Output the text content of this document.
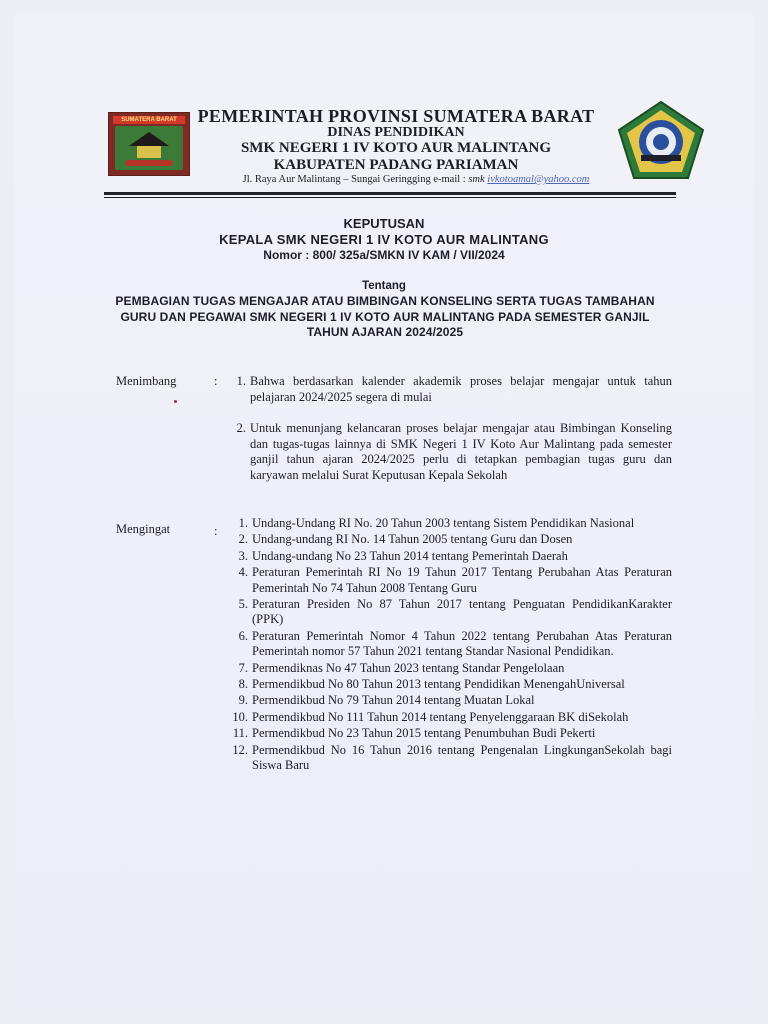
SUMATERA BARAT	PEMERINTAH PROVINSI SUMATERA BARAT
DINAS PENDIDIKAN
SMK NEGERI 1 IV KOTO AUR MALINTANG
KABUPATEN PADANG PARIAMAN
Jl. Raya Aur Malintang – Sungai Geringging e-mail : smk ivkotoamal@yahoo.com
KEPUTUSAN
KEPALA SMK NEGERI 1 IV KOTO AUR MALINTANG
Nomor : 800/ 325a/SMKN IV KAM / VII/2024
Tentang
PEMBAGIAN TUGAS MENGAJAR ATAU BIMBINGAN KONSELING SERTA TUGAS TAMBAHAN GURU DAN PEGAWAI SMK NEGERI 1 IV KOTO AUR MALINTANG PADA SEMESTER GANJIL TAHUN AJARAN 2024/2025
Menimbang	:	1. Bahwa berdasarkan kalender akademik proses belajar mengajar untuk tahun pelajaran 2024/2025 segera di mulai
2. Untuk menunjang kelancaran proses belajar mengajar atau Bimbingan Konseling dan tugas-tugas lainnya di SMK Negeri 1 IV Koto Aur Malintang pada semester ganjil tahun ajaran 2024/2025 perlu di tetapkan pembagian tugas guru dan karyawan melalui Surat Keputusan Kepala Sekolah
Mengingat	:
1. Undang-Undang RI No. 20 Tahun 2003 tentang Sistem Pendidikan Nasional
2. Undang-undang RI No. 14 Tahun 2005 tentang Guru dan Dosen
3. Undang-undang No 23 Tahun 2014 tentang Pemerintah Daerah
4. Peraturan Pemerintah RI No 19 Tahun 2017 Tentang Perubahan Atas Peraturan Pemerintah No 74 Tahun 2008 Tentang Guru
5. Peraturan Presiden No 87 Tahun 2017 tentang Penguatan PendidikanKarakter (PPK)
6. Peraturan Pemerintah Nomor 4 Tahun 2022 tentang Perubahan Atas Peraturan Pemerintah nomor 57 Tahun 2021 tentang Standar Nasional Pendidikan.
7. Permendiknas No 47 Tahun 2023 tentang Standar Pengelolaan
8. Permendikbud No 80 Tahun 2013 tentang Pendidikan MenengahUniversal
9. Permendikbud No 79 Tahun 2014 tentang Muatan Lokal
10. Permendikbud No 111 Tahun 2014 tentang Penyelenggaraan BK diSekolah
11. Permendikbud No 23 Tahun 2015 tentang Penumbuhan Budi Pekerti
12. Permendikbud No 16 Tahun 2016 tentang Pengenalan LingkunganSekolah bagi Siswa Baru
